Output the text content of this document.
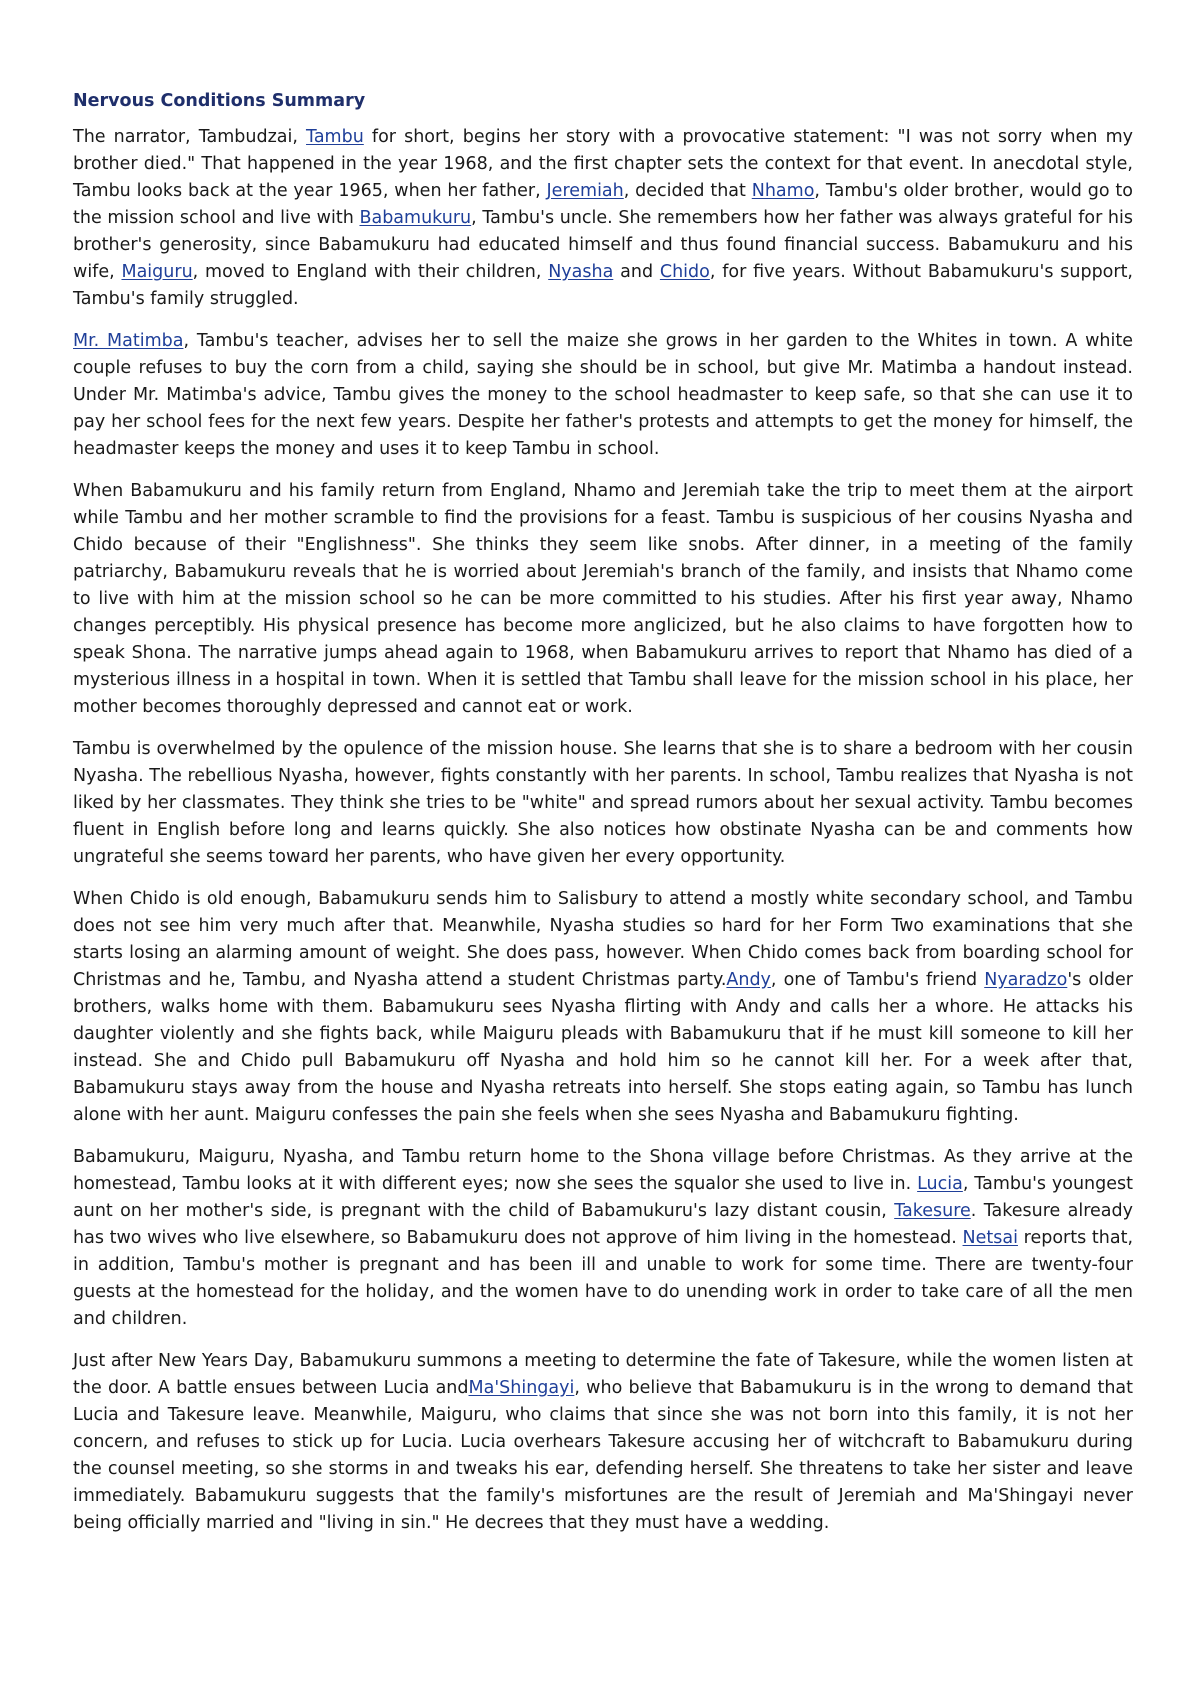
Nervous Conditions Summary

The narrator, Tambudzai, Tambu for short, begins her story with a provocative statement: "I was not sorry when my brother died." That happened in the year 1968, and the first chapter sets the context for that event. In anecdotal style, Tambu looks back at the year 1965, when her father, Jeremiah, decided that Nhamo, Tambu's older brother, would go to the mission school and live with Babamukuru, Tambu's uncle. She remembers how her father was always grateful for his brother's generosity, since Babamukuru had educated himself and thus found financial success. Babamukuru and his wife, Maiguru, moved to England with their children, Nyasha and Chido, for five years. Without Babamukuru's support, Tambu's family struggled.

Mr. Matimba, Tambu's teacher, advises her to sell the maize she grows in her garden to the Whites in town. A white couple refuses to buy the corn from a child, saying she should be in school, but give Mr. Matimba a handout instead. Under Mr. Matimba's advice, Tambu gives the money to the school headmaster to keep safe, so that she can use it to pay her school fees for the next few years. Despite her father's protests and attempts to get the money for himself, the headmaster keeps the money and uses it to keep Tambu in school.

When Babamukuru and his family return from England, Nhamo and Jeremiah take the trip to meet them at the airport while Tambu and her mother scramble to find the provisions for a feast. Tambu is suspicious of her cousins Nyasha and Chido because of their "Englishness". She thinks they seem like snobs. After dinner, in a meeting of the family patriarchy, Babamukuru reveals that he is worried about Jeremiah's branch of the family, and insists that Nhamo come to live with him at the mission school so he can be more committed to his studies. After his first year away, Nhamo changes perceptibly. His physical presence has become more anglicized, but he also claims to have forgotten how to speak Shona. The narrative jumps ahead again to 1968, when Babamukuru arrives to report that Nhamo has died of a mysterious illness in a hospital in town. When it is settled that Tambu shall leave for the mission school in his place, her mother becomes thoroughly depressed and cannot eat or work.

Tambu is overwhelmed by the opulence of the mission house. She learns that she is to share a bedroom with her cousin Nyasha. The rebellious Nyasha, however, fights constantly with her parents. In school, Tambu realizes that Nyasha is not liked by her classmates. They think she tries to be "white" and spread rumors about her sexual activity. Tambu becomes fluent in English before long and learns quickly. She also notices how obstinate Nyasha can be and comments how ungrateful she seems toward her parents, who have given her every opportunity.

When Chido is old enough, Babamukuru sends him to Salisbury to attend a mostly white secondary school, and Tambu does not see him very much after that. Meanwhile, Nyasha studies so hard for her Form Two examinations that she starts losing an alarming amount of weight. She does pass, however. When Chido comes back from boarding school for Christmas and he, Tambu, and Nyasha attend a student Christmas party.Andy, one of Tambu's friend Nyaradzo's older brothers, walks home with them. Babamukuru sees Nyasha flirting with Andy and calls her a whore. He attacks his daughter violently and she fights back, while Maiguru pleads with Babamukuru that if he must kill someone to kill her instead. She and Chido pull Babamukuru off Nyasha and hold him so he cannot kill her. For a week after that, Babamukuru stays away from the house and Nyasha retreats into herself. She stops eating again, so Tambu has lunch alone with her aunt. Maiguru confesses the pain she feels when she sees Nyasha and Babamukuru fighting.

Babamukuru, Maiguru, Nyasha, and Tambu return home to the Shona village before Christmas. As they arrive at the homestead, Tambu looks at it with different eyes; now she sees the squalor she used to live in. Lucia, Tambu's youngest aunt on her mother's side, is pregnant with the child of Babamukuru's lazy distant cousin, Takesure. Takesure already has two wives who live elsewhere, so Babamukuru does not approve of him living in the homestead. Netsai reports that, in addition, Tambu's mother is pregnant and has been ill and unable to work for some time. There are twenty-four guests at the homestead for the holiday, and the women have to do unending work in order to take care of all the men and children.

Just after New Years Day, Babamukuru summons a meeting to determine the fate of Takesure, while the women listen at the door. A battle ensues between Lucia andMa'Shingayi, who believe that Babamukuru is in the wrong to demand that Lucia and Takesure leave. Meanwhile, Maiguru, who claims that since she was not born into this family, it is not her concern, and refuses to stick up for Lucia. Lucia overhears Takesure accusing her of witchcraft to Babamukuru during the counsel meeting, so she storms in and tweaks his ear, defending herself. She threatens to take her sister and leave immediately. Babamukuru suggests that the family's misfortunes are the result of Jeremiah and Ma'Shingayi never being officially married and "living in sin." He decrees that they must have a wedding.
